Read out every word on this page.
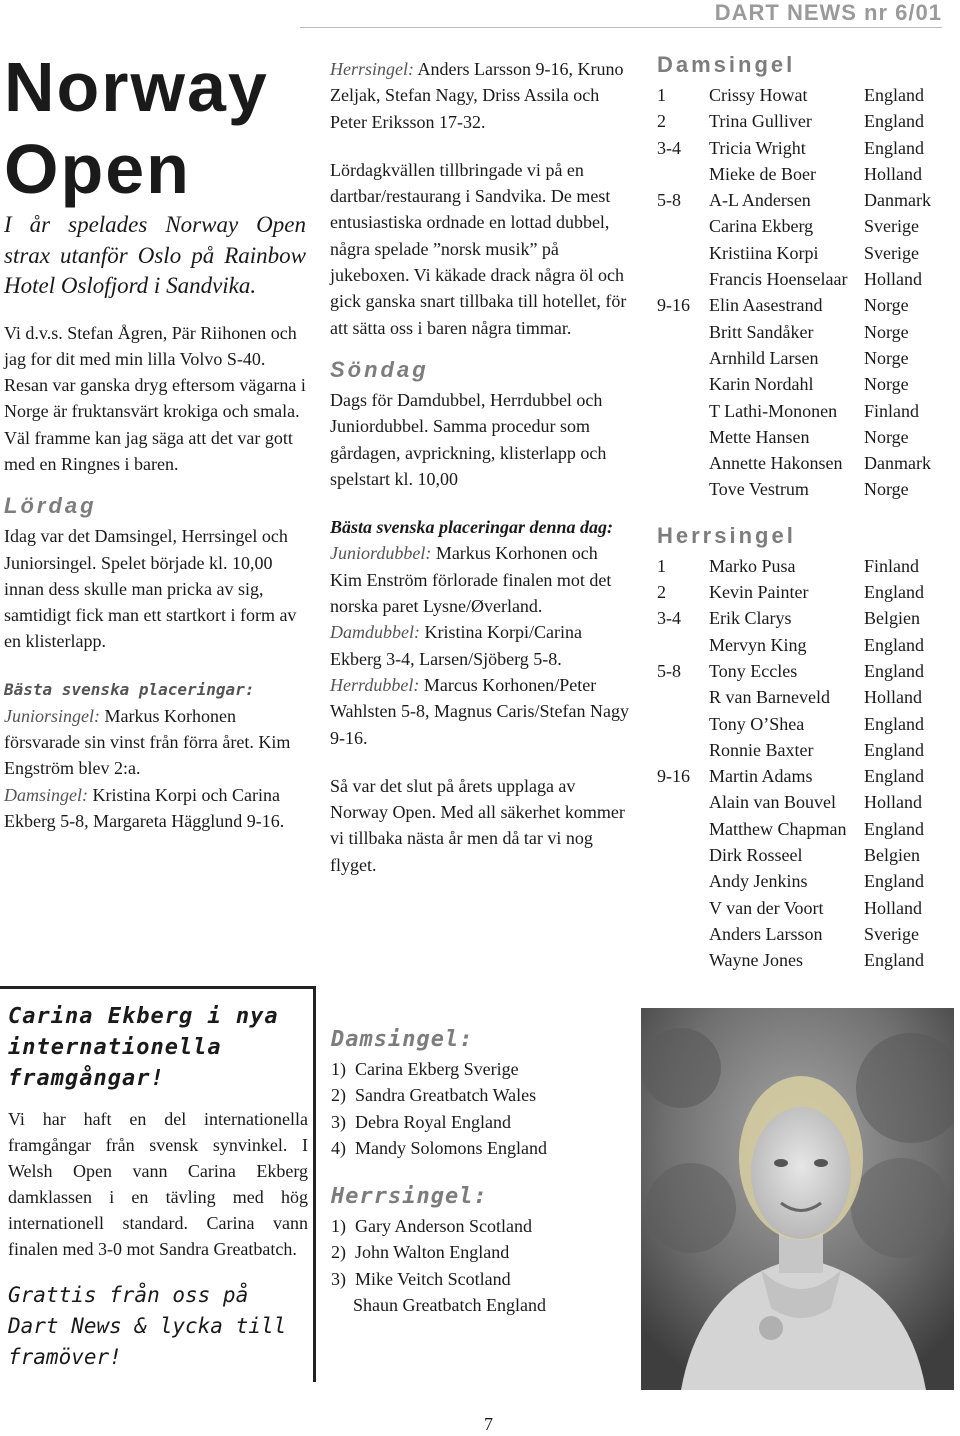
DART NEWS nr 6/01
Norway
Open

I år spelades Norway Open strax utanför Oslo på Rainbow Hotel Oslofjord i Sandvika.

Vi d.v.s. Stefan Ågren, Pär Riihonen och jag for dit med min lilla Volvo S-40. Resan var ganska dryg eftersom vägarna i Norge är fruktansvärt krokiga och smala. Väl framme kan jag säga att det var gott med en Ringnes i baren.

Lördag

Idag var det Damsingel, Herrsingel och Juniorsingel. Spelet började kl. 10,00 innan dess skulle man pricka av sig, samtidigt fick man ett startkort i form av en klisterlapp.

Bästa svenska placeringar:

Juniorsingel: Markus Korhonen försvarade sin vinst från förra året. Kim Engström blev 2:a.

Damsingel: Kristina Korpi och Carina Ekberg 5-8, Margareta Hägglund 9-16.

Herrsingel: Anders Larsson 9-16, Kruno Zeljak, Stefan Nagy, Driss Assila och Peter Eriksson 17-32.

Lördagkvällen tillbringade vi på en dartbar/restaurang i Sandvika. De mest entusiastiska ordnade en lottad dubbel, några spelade ”norsk musik” på jukeboxen. Vi käkade drack några öl och gick ganska snart tillbaka till hotellet, för att sätta oss i baren några timmar.

Söndag

Dags för Damdubbel, Herrdubbel och Juniordubbel. Samma procedur som gårdagen, avprickning, klisterlapp och spelstart kl. 10,00

Bästa svenska placeringar denna dag:

Juniordubbel: Markus Korhonen och Kim Enström förlorade finalen mot det norska paret Lysne/Øverland.

Damdubbel: Kristina Korpi/Carina Ekberg 3-4, Larsen/Sjöberg 5-8.

Herrdubbel: Marcus Korhonen/Peter Wahlsten 5-8, Magnus Caris/Stefan Nagy 9-16.

Så var det slut på årets upplaga av Norway Open. Med all säkerhet kommer vi tillbaka nästa år men då tar vi nog flyget.

Damsingel
1	Crissy Howat	England
2	Trina Gulliver	England
3-4	Tricia Wright	England
	Mieke de Boer	Holland
5-8	A-L Andersen	Danmark
	Carina Ekberg	Sverige
	Kristiina Korpi	Sverige
	Francis Hoenselaar	Holland
9-16	Elin Aasestrand	Norge
	Britt Sandåker	Norge
	Arnhild Larsen	Norge
	Karin Nordahl	Norge
	T Lathi-Mononen	Finland
	Mette Hansen	Norge
	Annette Hakonsen	Danmark
	Tove Vestrum	Norge
Herrsingel
1	Marko Pusa	Finland
2	Kevin Painter	England
3-4	Erik Clarys	Belgien
	Mervyn King	England
5-8	Tony Eccles	England
	R van Barneveld	Holland
	Tony O’Shea	England
	Ronnie Baxter	England
9-16	Martin Adams	England
	Alain van Bouvel	Holland
	Matthew Chapman	England
	Dirk Rosseel	Belgien
	Andy Jenkins	England
	V van der Voort	Holland
	Anders Larsson	Sverige
	Wayne Jones	England
Carina Ekberg i nya internationella framgångar!

Vi har haft en del internationella framgångar från svensk synvinkel. I Welsh Open vann Carina Ekberg damklassen i en tävling med hög internationell standard. Carina vann finalen med 3-0 mot Sandra Greatbatch.

Grattis från oss på Dart News & lycka till framöver!
Damsingel:
1)  Carina Ekberg Sverige
2)  Sandra Greatbatch Wales
3)  Debra Royal England
4)  Mandy Solomons England
Herrsingel:
1)  Gary Anderson Scotland
2)  John Walton England
3)  Mike Veitch Scotland
Shaun Greatbatch England
7
